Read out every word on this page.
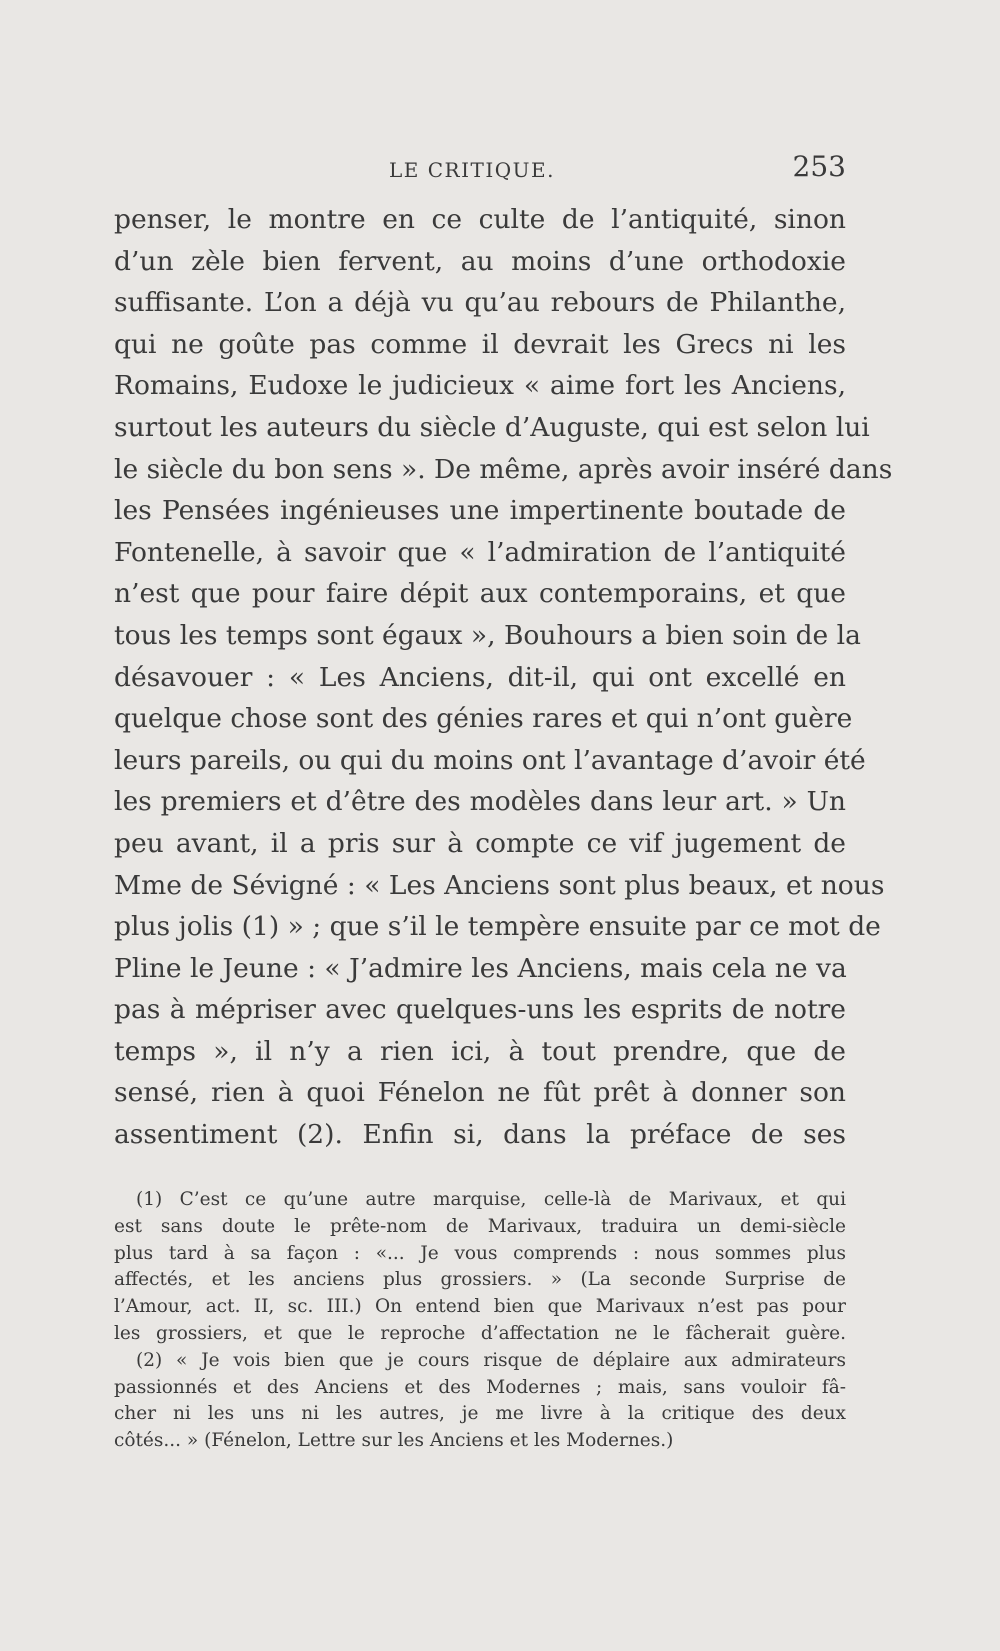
LE CRITIQUE.	253
penser, le montre en ce culte de l’antiquité, sinon
d’un zèle bien fervent, au moins d’une orthodoxie
suffisante. L’on a déjà vu qu’au rebours de Philanthe,
qui ne goûte pas comme il devrait les Grecs ni les
Romains, Eudoxe le judicieux « aime fort les Anciens,
surtout les auteurs du siècle d’Auguste, qui est selon lui
le siècle du bon sens ». De même, après avoir inséré dans
les Pensées ingénieuses une impertinente boutade de
Fontenelle, à savoir que « l’admiration de l’antiquité
n’est que pour faire dépit aux contemporains, et que
tous les temps sont égaux », Bouhours a bien soin de la
désavouer : « Les Anciens, dit-il, qui ont excellé en
quelque chose sont des génies rares et qui n’ont guère
leurs pareils, ou qui du moins ont l’avantage d’avoir été
les premiers et d’être des modèles dans leur art. » Un
peu avant, il a pris sur à compte ce vif jugement de
Mme de Sévigné : « Les Anciens sont plus beaux, et nous
plus jolis (1) » ; que s’il le tempère ensuite par ce mot de
Pline le Jeune : « J’admire les Anciens, mais cela ne va
pas à mépriser avec quelques-uns les esprits de notre
temps », il n’y a rien ici, à tout prendre, que de
sensé, rien à quoi Fénelon ne fût prêt à donner son
assentiment (2). Enfin si, dans la préface de ses
(1) C’est ce qu’une autre marquise, celle-là de Marivaux, et qui
est sans doute le prête-nom de Marivaux, traduira un demi-siècle
plus tard à sa façon : «... Je vous comprends : nous sommes plus
affectés, et les anciens plus grossiers. » (La seconde Surprise de
l’Amour, act. II, sc. III.) On entend bien que Marivaux n’est pas pour
les grossiers, et que le reproche d’affectation ne le fâcherait guère.
(2) « Je vois bien que je cours risque de déplaire aux admirateurs
passionnés et des Anciens et des Modernes ; mais, sans vouloir fâ-
cher ni les uns ni les autres, je me livre à la critique des deux
côtés... » (Fénelon, Lettre sur les Anciens et les Modernes.)
